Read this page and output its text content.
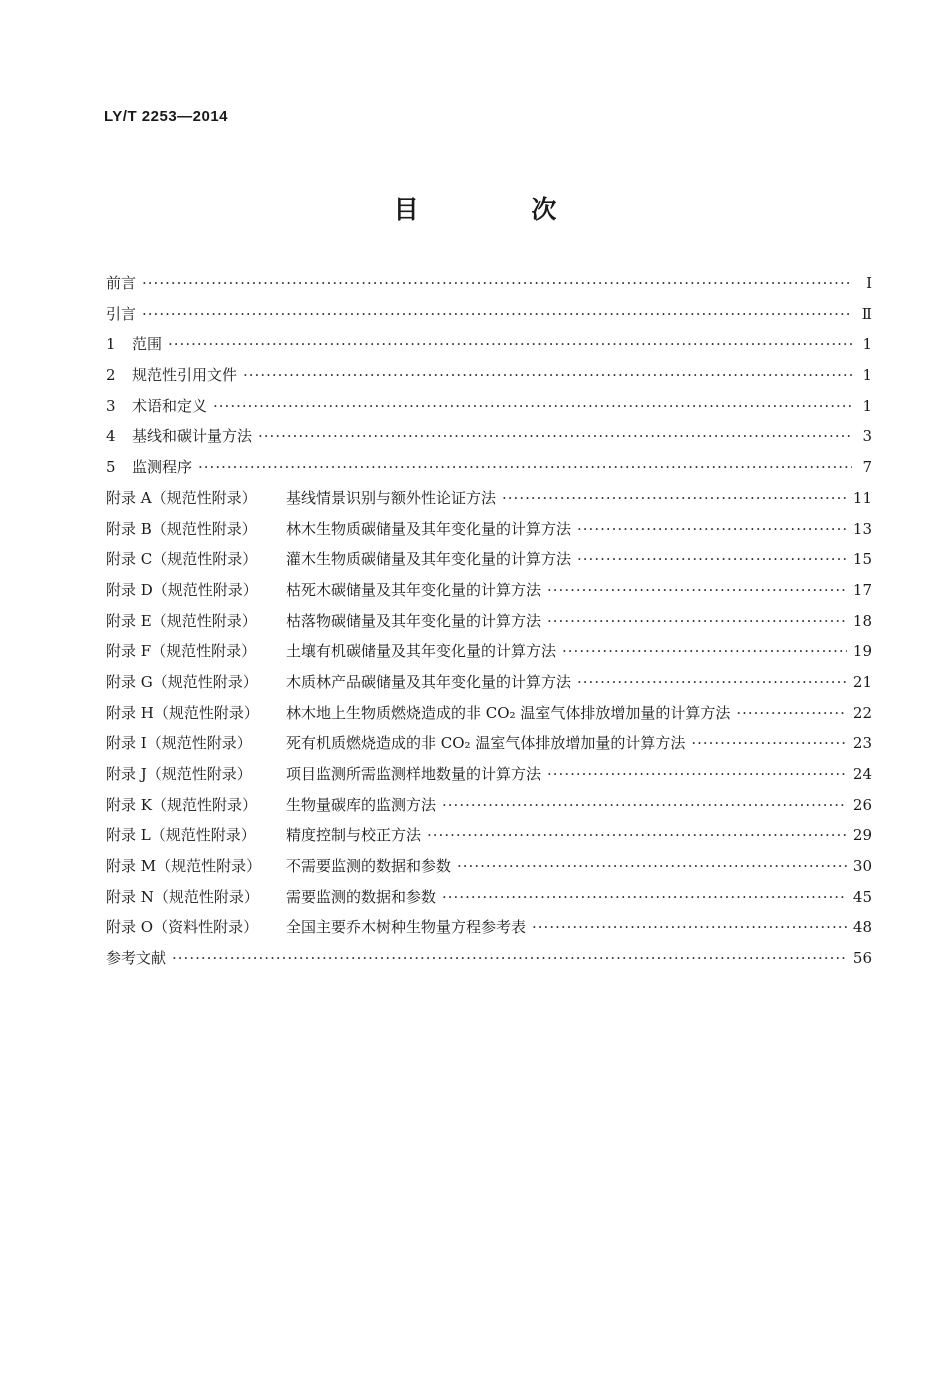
LY/T 2253—2014
目 次
前言 ·····	Ⅰ
引言 ·····	Ⅱ
1	范围 ·····	1
2	规范性引用文件 ·····	1
3	术语和定义 ·····	1
4	基线和碳计量方法 ·····	3
5	监测程序 ·····	7
附录 A（规范性附录）	基线情景识别与额外性论证方法 ·····	11
附录 B（规范性附录）	林木生物质碳储量及其年变化量的计算方法 ·····	13
附录 C（规范性附录）	灌木生物质碳储量及其年变化量的计算方法 ·····	15
附录 D（规范性附录）	枯死木碳储量及其年变化量的计算方法 ·····	17
附录 E（规范性附录）	枯落物碳储量及其年变化量的计算方法 ·····	18
附录 F（规范性附录）	土壤有机碳储量及其年变化量的计算方法 ·····	19
附录 G（规范性附录）	木质林产品碳储量及其年变化量的计算方法 ·····	21
附录 H（规范性附录）	林木地上生物质燃烧造成的非 CO₂ 温室气体排放增加量的计算方法 ·····	22
附录 I（规范性附录）	死有机质燃烧造成的非 CO₂ 温室气体排放增加量的计算方法 ·····	23
附录 J（规范性附录）	项目监测所需监测样地数量的计算方法 ·····	24
附录 K（规范性附录）	生物量碳库的监测方法 ·····	26
附录 L（规范性附录）	精度控制与校正方法 ·····	29
附录 M（规范性附录）	不需要监测的数据和参数 ·····	30
附录 N（规范性附录）	需要监测的数据和参数 ·····	45
附录 O（资料性附录）	全国主要乔木树种生物量方程参考表 ·····	48
参考文献 ·····	56
